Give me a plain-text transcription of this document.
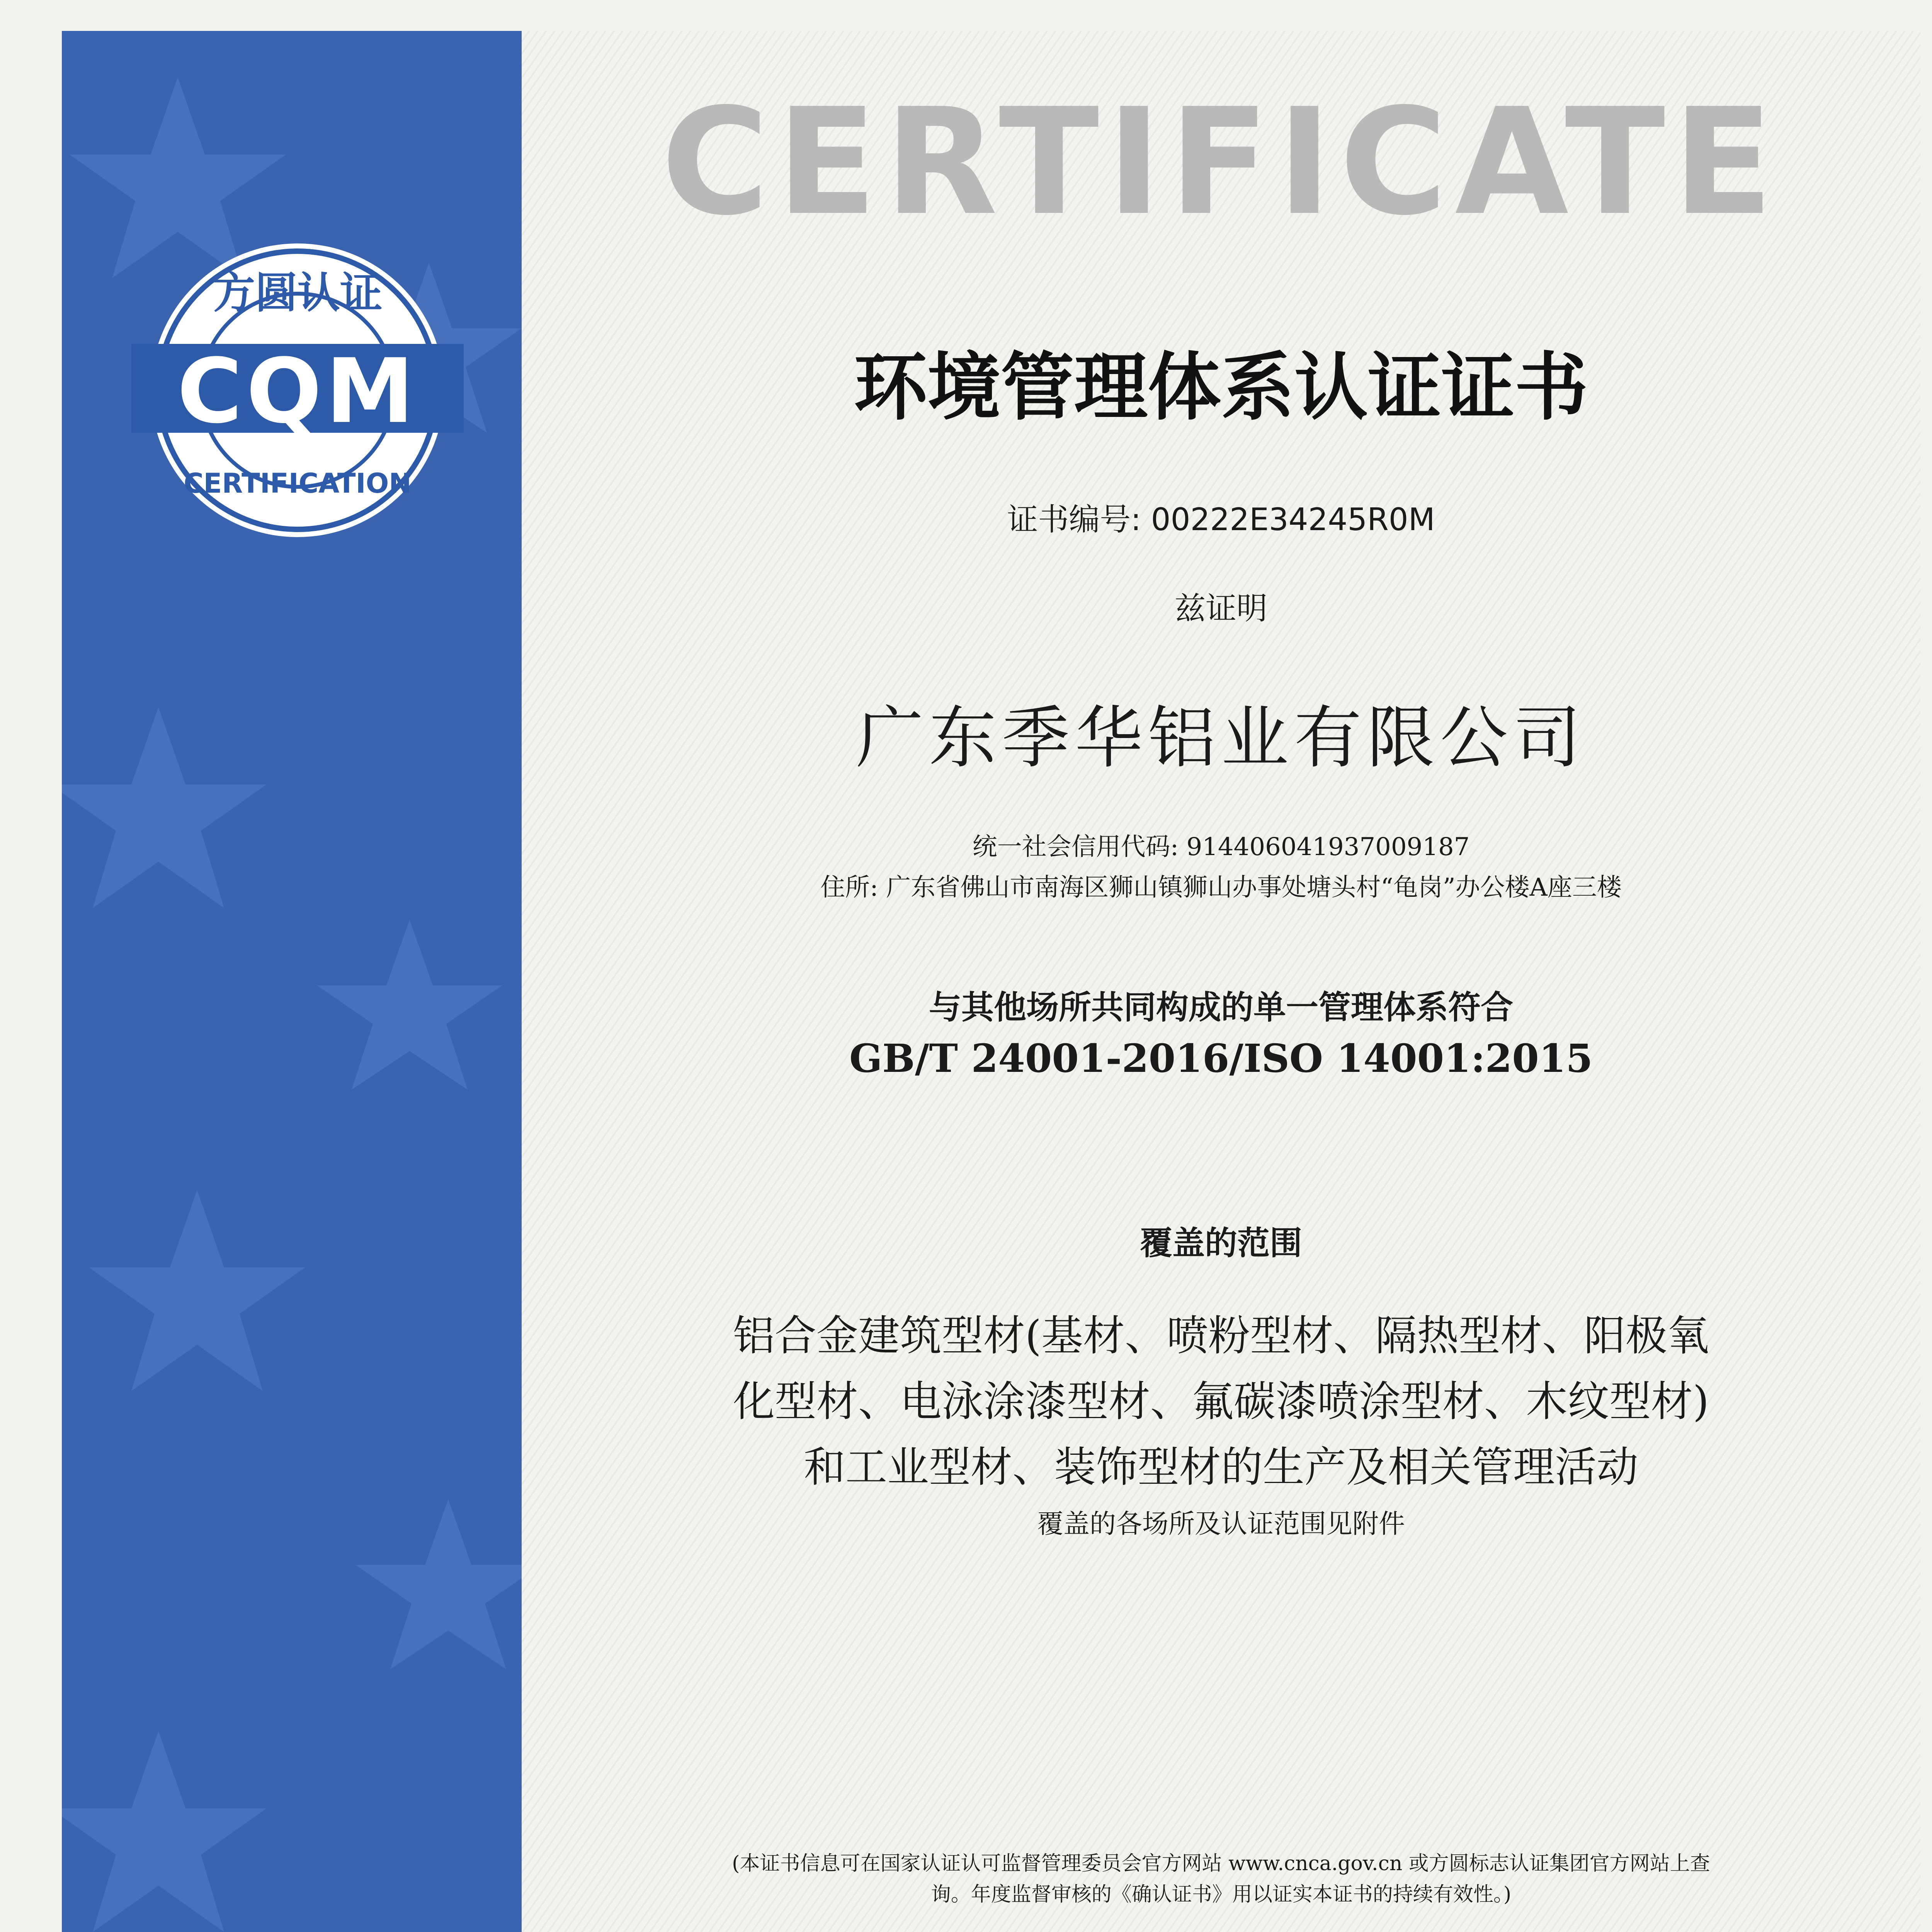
方圆认证
CQM
CERTIFICATION
CERTIFICATE
环境管理体系认证证书
证书编号: 00222E34245R0M
兹证明
广东季华铝业有限公司
统一社会信用代码: 914406041937009187
住所: 广东省佛山市南海区狮山镇狮山办事处塘头村“龟岗”办公楼A座三楼
与其他场所共同构成的单一管理体系符合
GB/T 24001-2016/ISO 14001:2015
覆盖的范围
铝合金建筑型材(基材、喷粉型材、隔热型材、阳极氧
化型材、电泳涂漆型材、氟碳漆喷涂型材、木纹型材)
和工业型材、装饰型材的生产及相关管理活动
覆盖的各场所及认证范围见附件
(本证书信息可在国家认证认可监督管理委员会官方网站 www.cnca.gov.cn 或方圆标志认证集团官方网站上查
询。年度监督审核的《确认证书》用以证实本证书的持续有效性。)
